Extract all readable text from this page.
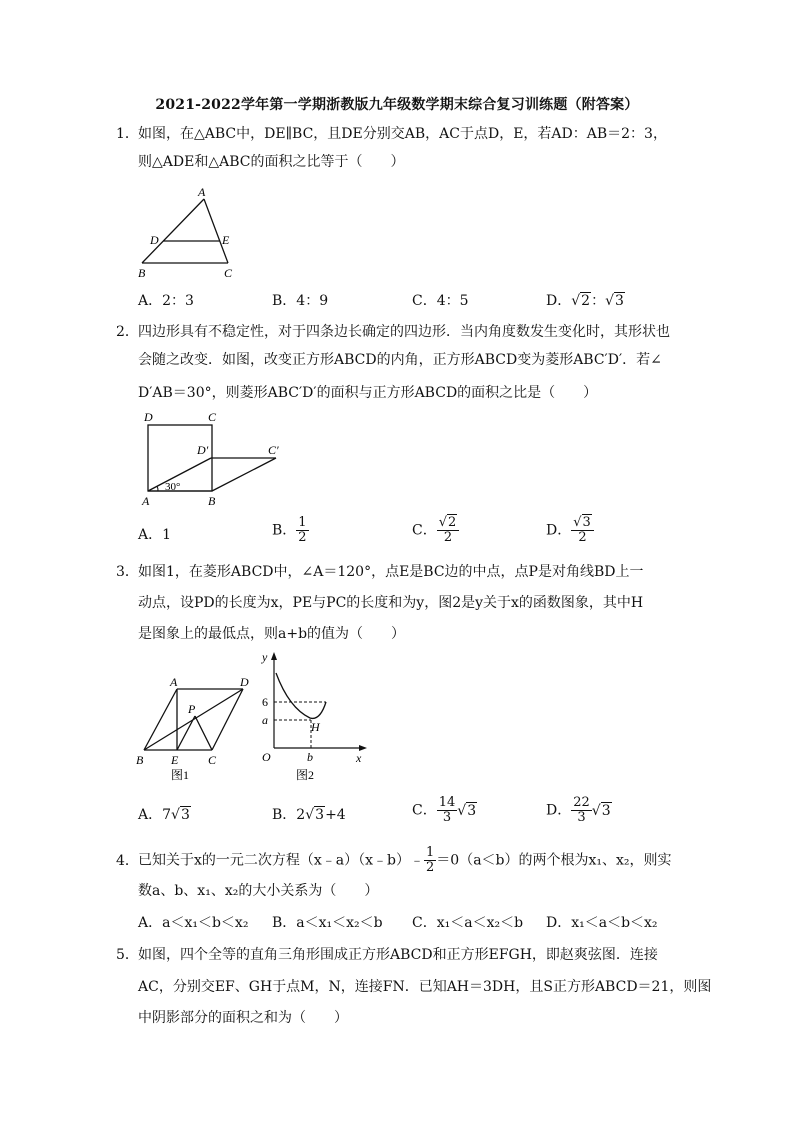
2021-2022学年第一学期浙教版九年级数学期末综合复习训练题（附答案）
1．如图，在△ABC中，DE∥BC，且DE分别交AB，AC于点D，E，若AD：AB＝2：3，
则△ADE和△ABC的面积之比等于（　　）
A
D	E
B	C
A．2：3	B．4：9	C．4：5	D．√2：√3
2．四边形具有不稳定性，对于四条边长确定的四边形．当内角度数发生变化时，其形状也
会随之改变．如图，改变正方形ABCD的内角，正方形ABCD变为菱形ABC′D′．若∠
D′AB＝30°，则菱形ABC′D′的面积与正方形ABCD的面积之比是（　　）
D	C
D′	C′
A	B
30°
A．1	B． $\frac{1}{2}$	C． $\frac{√2}{2}$	D． $\frac{√3}{2}$
3．如图1，在菱形ABCD中，∠A＝120°，点E是BC边的中点，点P是对角线BD上一
动点，设PD的长度为x，PE与PC的长度和为y，图2是y关于x的函数图象，其中H
是图象上的最低点，则a+b的值为（　　）
A	D
P
B E C
图1
y
6
a	H
O	b	x
图2
A．7√3	B．2√3+4	C． $\frac{14}{3} √3$	D． $\frac{22}{3} √3$
4．已知关于x的一元二次方程（x﹣a）（x﹣b）﹣ $\frac{1}{2} =0(a<b)$的两个根为x₁、x₂，则实
数a、b、x₁、x₂的大小关系为（　　）
A．a＜x₁＜b＜x₂ B．a＜x₁＜x₂＜b C．x₁＜a＜x₂＜b D．x₁＜a＜b＜x₂
5．如图，四个全等的直角三角形围成正方形ABCD和正方形EFGH，即赵爽弦图．连接
AC，分别交EF、GH于点M，N，连接FN．已知AH＝3DH，且S正方形ABCD＝21，则图
中阴影部分的面积之和为（　　）
